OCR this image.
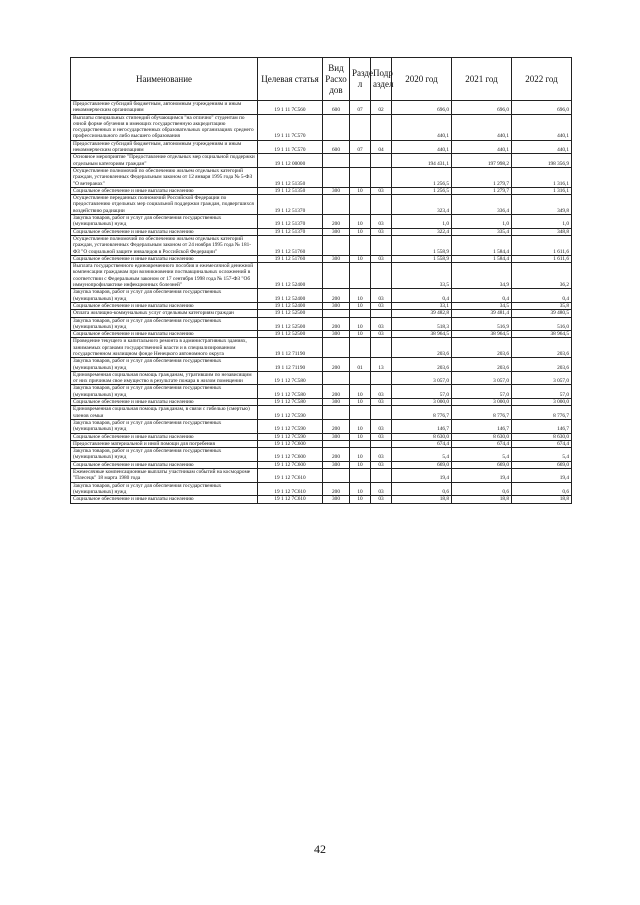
Наименование	Целевая статья	Вид Расхо дов	Разде л	Подр аздел	2020 год	2021 год	2022 год
Предоставление субсидий бюджетным, автономным учреждениям и иным некоммерческим организациям	19 1 11 7С560	600	07	02	696,0	696,0	696,0
Выплаты специальных стипендий обучающимся "на отлично" студентам по очной форме обучения в имеющих государственную аккредитацию государственных и негосударственных образовательных организациях среднего профессионального либо высшего образования	19 1 11 7С570				440,1	440,1	440,1
Предоставление субсидий бюджетным, автономным учреждениям и иным некоммерческим организациям	19 1 11 7С570	600	07	04	440,1	440,1	440,1
Основное мероприятие "Предоставление отдельных мер социальной поддержки отдельным категориям граждан"	19 1 12 00000				194 431,1	197 998,2	198 356,9
Осуществление полномочий по обеспечению жильем отдельных категорий граждан, установленных Федеральным законом от 12 января 1995 года № 5-ФЗ "О ветеранах"	19 1 12 51350				1 256,5	1 279,7	1 316,1
Социальное обеспечение и иные выплаты населению	19 1 12 51350	300	10	03	1 256,5	1 279,7	1 316,1
Осуществление переданных полномочий Российской Федерации по предоставлению отдельных мер социальной поддержки граждан, подвергшихся воздействию радиации	19 1 12 51370				323,4	336,4	349,8
Закупка товаров, работ и услуг для обеспечения государственных (муниципальных) нужд	19 1 12 51370	200	10	03	1,0	1,0	1,0
Социальное обеспечение и иные выплаты населению	19 1 12 51370	300	10	03	322,4	335,4	348,8
Осуществление полномочий по обеспечению жильем отдельных категорий граждан, установленных Федеральным законом от 24 ноября 1995 года № 181-ФЗ "О социальной защите инвалидов в Российской Федерации"	19 1 12 51760				1 558,9	1 584,4	1 611,6
Социальное обеспечение и иные выплаты населению	19 1 12 51760	300	10	03	1 558,9	1 584,4	1 611,6
Выплата государственного единовременного пособия и ежемесячной денежной компенсации гражданам при возникновении поствакцинальных осложнений в соответствии с Федеральным законом от 17 сентября 1998 года № 157-ФЗ "Об иммунопрофилактике инфекционных болезней"	19 1 12 52400				33,5	34,9	36,2
Закупка товаров, работ и услуг для обеспечения государственных (муниципальных) нужд	19 1 12 52400	200	10	03	0,4	0,4	0,4
Социальное обеспечение и иные выплаты населению	19 1 12 52400	300	10	03	33,1	34,5	35,8
Оплата жилищно-коммунальных услуг отдельным категориям граждан	19 1 12 52500				39 482,8	39 481,4	39 480,5
Закупка товаров, работ и услуг для обеспечения государственных (муниципальных) нужд	19 1 12 52500	200	10	03	518,3	516,9	516,0
Социальное обеспечение и иные выплаты населению	19 1 12 52500	300	10	03	38 964,5	38 964,5	38 964,5
Проведение текущего и капитального ремонта в административных зданиях, занимаемых органами государственной власти и в специализированном государственном жилищном фонде Ненецкого автономного округа	19 1 12 71190				203,6	203,6	203,6
Закупка товаров, работ и услуг для обеспечения государственных (муниципальных) нужд	19 1 12 71190	200	01	13	203,6	203,6	203,6
Единовременная социальная помощь гражданам, утратившим по независящим от них причинам свое имущество в результате пожара в жилом помещении	19 1 12 7С580				3 057,0	3 057,0	3 057,0
Закупка товаров, работ и услуг для обеспечения государственных (муниципальных) нужд	19 1 12 7С580	200	10	03	57,0	57,0	57,0
Социальное обеспечение и иные выплаты населению	19 1 12 7С580	300	10	03	3 000,0	3 000,0	3 000,0
Единовременная социальная помощь гражданам, в связи с гибелью (смертью) членов семьи	19 1 12 7С590				8 776,7	8 776,7	8 776,7
Закупка товаров, работ и услуг для обеспечения государственных (муниципальных) нужд	19 1 12 7С590	200	10	03	146,7	146,7	146,7
Социальное обеспечение и иные выплаты населению	19 1 12 7С590	300	10	03	8 630,0	8 630,0	8 630,0
Предоставление материальной и иной помощи для погребения	19 1 12 7С600				674,4	674,4	674,4
Закупка товаров, работ и услуг для обеспечения государственных (муниципальных) нужд	19 1 12 7С600	200	10	03	5,4	5,4	5,4
Социальное обеспечение и иные выплаты населению	19 1 12 7С600	300	10	03	669,0	669,0	669,0
Ежемесячные компенсационные выплаты участникам событий на космодроме "Плесецк" 18 марта 1980 года	19 1 12 7С610				19,4	19,4	19,4
Закупка товаров, работ и услуг для обеспечения государственных (муниципальных) нужд	19 1 12 7С610	200	10	03	0,6	0,6	0,6
Социальное обеспечение и иные выплаты населению	19 1 12 7С610	300	10	03	18,8	18,8	18,8
42
